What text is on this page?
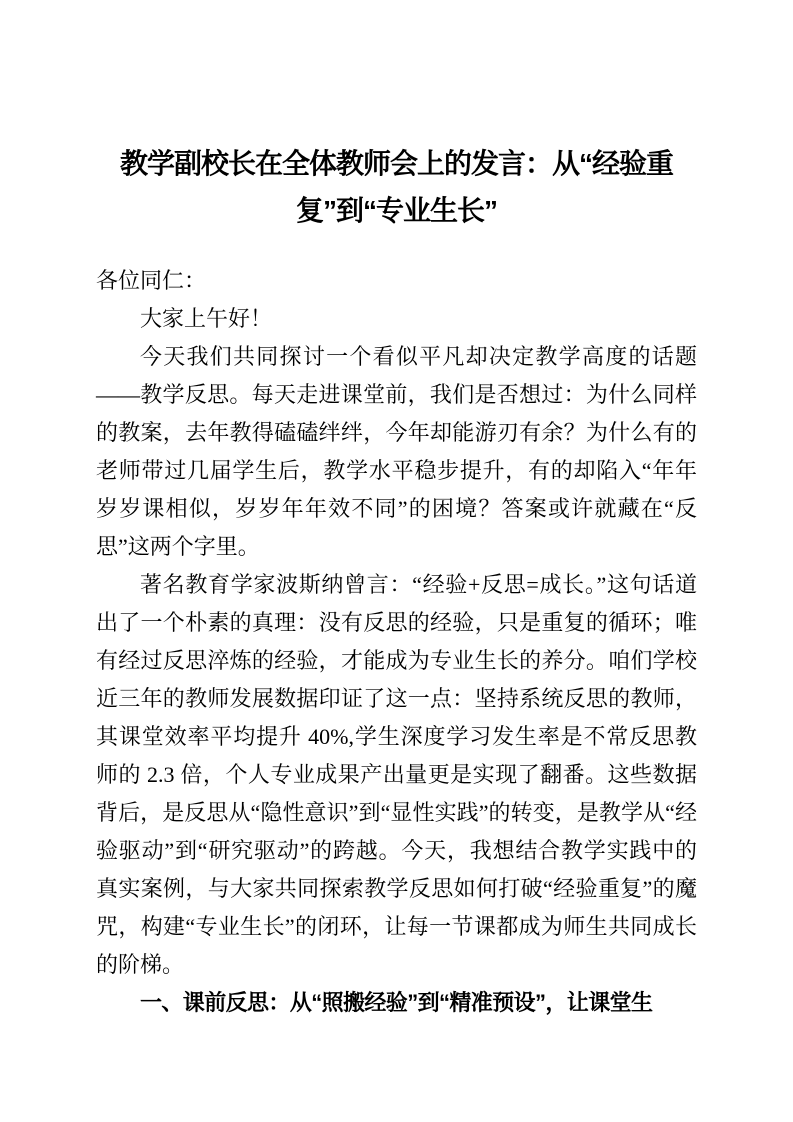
教学副校长在全体教师会上的发言：从“经验重复”到“专业生长”

各位同仁：

大家上午好！

今天我们共同探讨一个看似平凡却决定教学高度的话题——教学反思。每天走进课堂前，我们是否想过：为什么同样的教案，去年教得磕磕绊绊，今年却能游刃有余？为什么有的老师带过几届学生后，教学水平稳步提升，有的却陷入“年年岁岁课相似，岁岁年年效不同”的困境？答案或许就藏在“反思”这两个字里。

著名教育学家波斯纳曾言：“经验+反思=成长。”这句话道出了一个朴素的真理：没有反思的经验，只是重复的循环；唯有经过反思淬炼的经验，才能成为专业生长的养分。咱们学校近三年的教师发展数据印证了这一点：坚持系统反思的教师，其课堂效率平均提升 40%,学生深度学习发生率是不常反思教师的 2.3 倍，个人专业成果产出量更是实现了翻番。这些数据背后，是反思从“隐性意识”到“显性实践”的转变，是教学从“经验驱动”到“研究驱动”的跨越。今天，我想结合教学实践中的真实案例，与大家共同探索教学反思如何打破“经验重复”的魔咒，构建“专业生长”的闭环，让每一节课都成为师生共同成长的阶梯。

一、课前反思：从“照搬经验”到“精准预设”，让课堂生
